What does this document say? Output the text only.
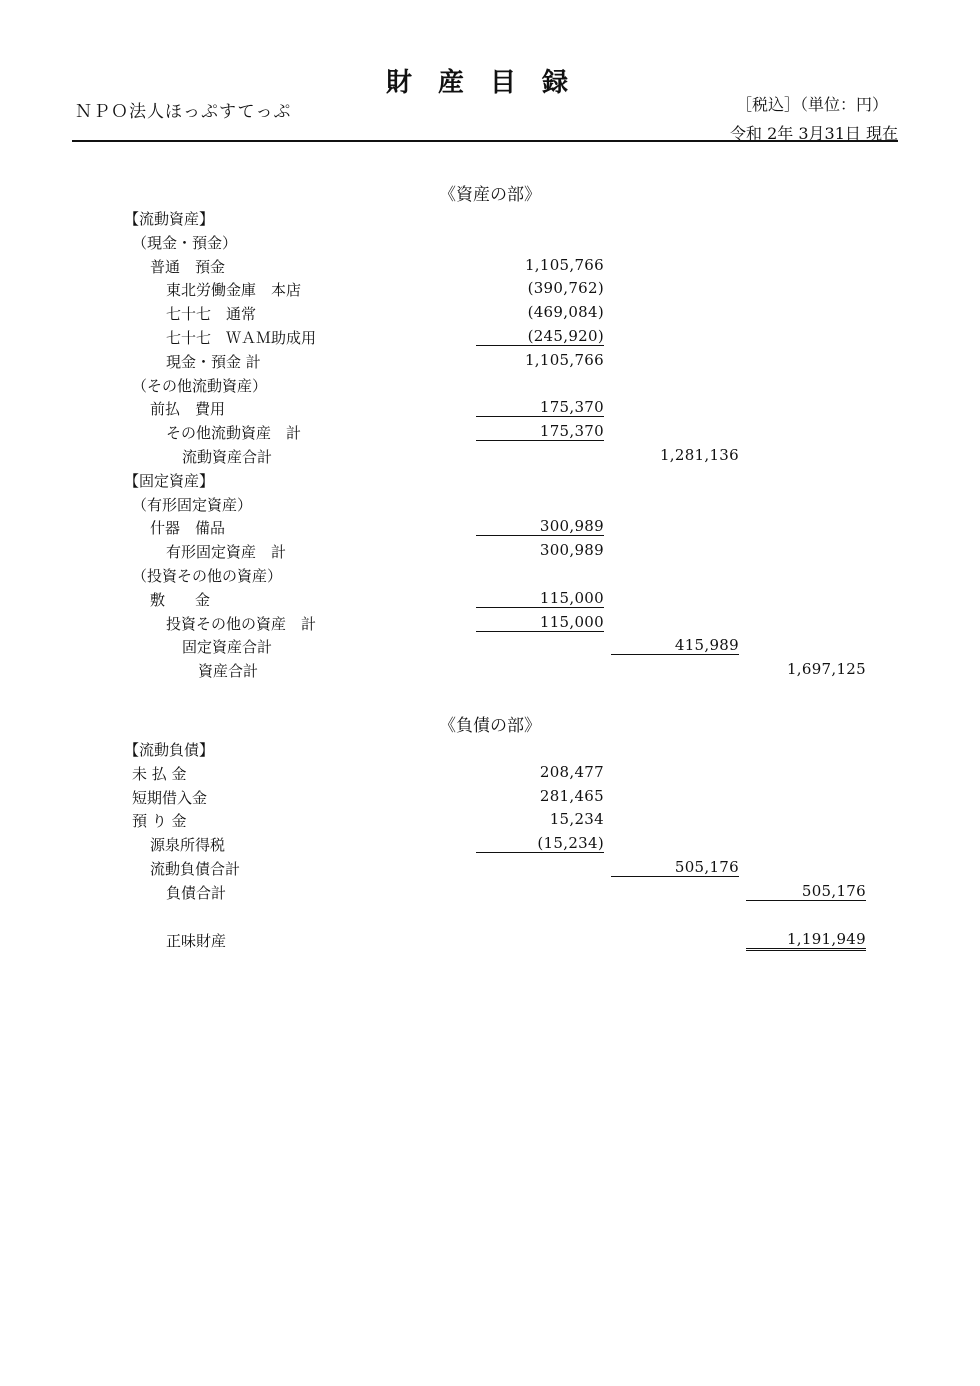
財産目録
ＮＰＯ法人ほっぷすてっぷ	［税込］（単位：円）
令和 2年 3月31日 現在
《資産の部》
【流動資産】
（現金・預金）
普通　預金	1,105,766
東北労働金庫　本店	(390,762)
七十七　通常	(469,084)
七十七　ＷＡＭ助成用	(245,920)
現金・預金 計	1,105,766
（その他流動資産）
前払　費用	175,370
その他流動資産　計	175,370
流動資産合計	1,281,136
【固定資産】
（有形固定資産）
什器　備品	300,989
有形固定資産　計	300,989
（投資その他の資産）
敷　　金	115,000
投資その他の資産　計	115,000
固定資産合計	415,989
資産合計	1,697,125
《負債の部》
【流動負債】
未 払 金	208,477
短期借入金	281,465
預 り 金	15,234
源泉所得税	(15,234)
流動負債合計	505,176
負債合計	505,176
正味財産	1,191,949
